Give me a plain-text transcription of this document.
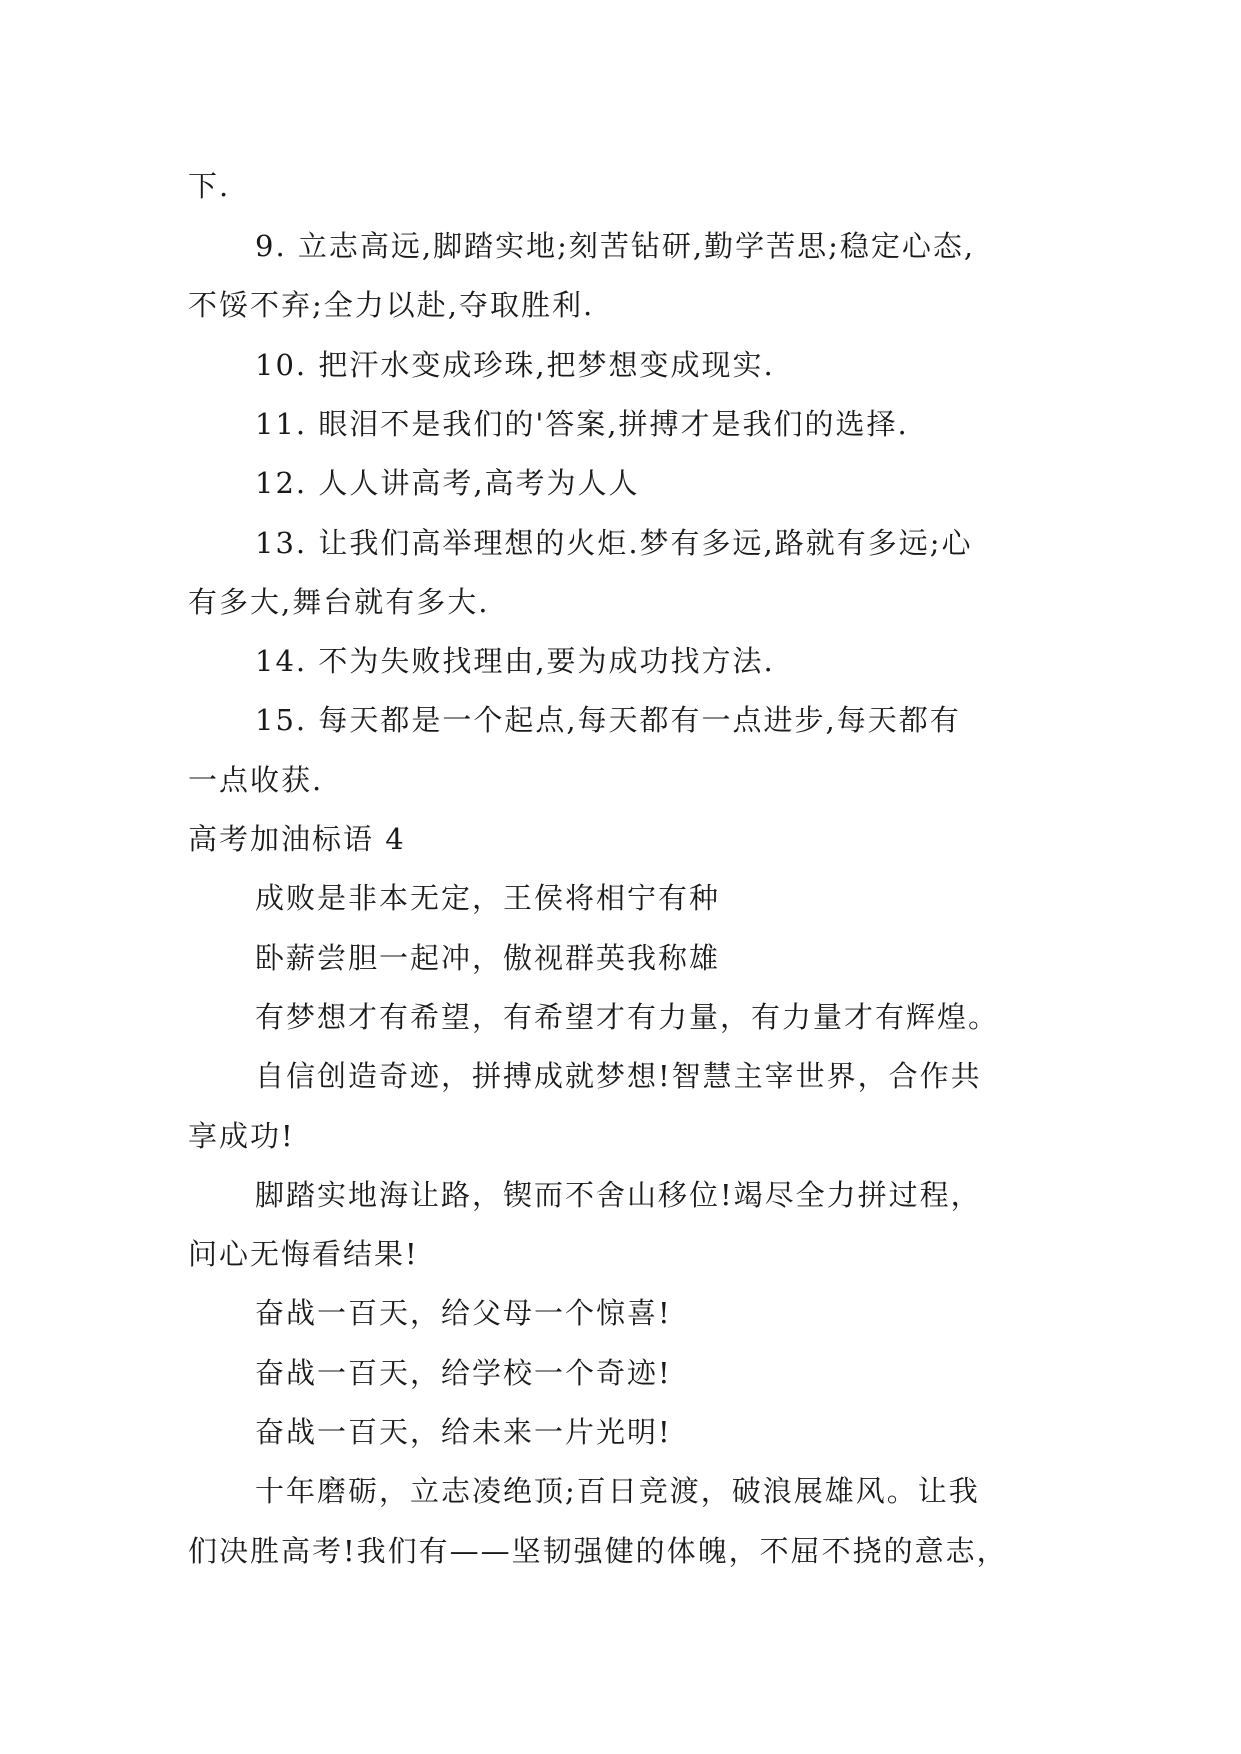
下.
9. 立志高远,脚踏实地;刻苦钻研,勤学苦思;稳定心态,
不馁不弃;全力以赴,夺取胜利.
10. 把汗水变成珍珠,把梦想变成现实.
11. 眼泪不是我们的'答案,拼搏才是我们的选择.
12. 人人讲高考,高考为人人
13. 让我们高举理想的火炬.梦有多远,路就有多远;心
有多大,舞台就有多大.
14. 不为失败找理由,要为成功找方法.
15. 每天都是一个起点,每天都有一点进步,每天都有
一点收获.
高考加油标语 4
成败是非本无定，王侯将相宁有种
卧薪尝胆一起冲，傲视群英我称雄
有梦想才有希望，有希望才有力量，有力量才有辉煌。
自信创造奇迹，拼搏成就梦想!智慧主宰世界，合作共
享成功!
脚踏实地海让路，锲而不舍山移位!竭尽全力拼过程，
问心无悔看结果!
奋战一百天，给父母一个惊喜!
奋战一百天，给学校一个奇迹!
奋战一百天，给未来一片光明!
十年磨砺，立志凌绝顶;百日竞渡，破浪展雄风。让我
们决胜高考!我们有——坚韧强健的体魄，不屈不挠的意志，
